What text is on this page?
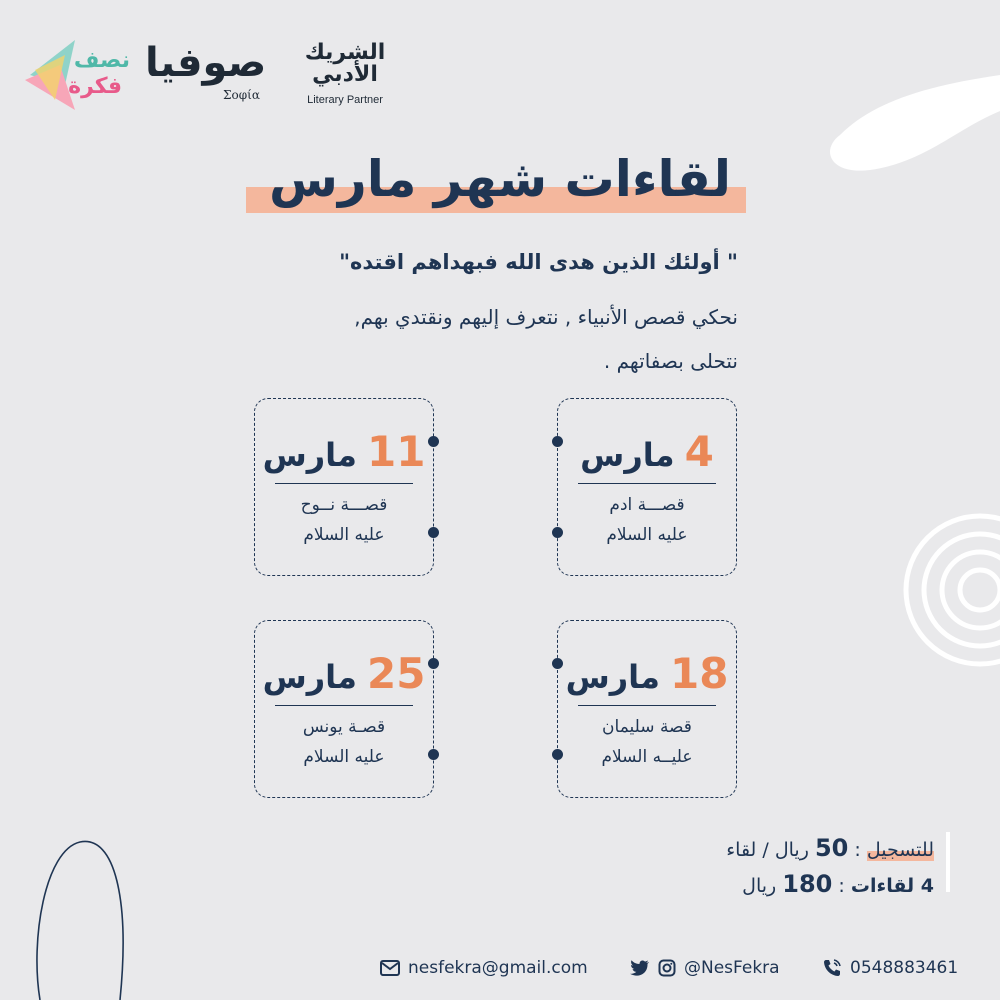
نصف
فكرة
صوفيا
Σοφία
الشريك
الأدبي
Literary Partner
لقاءات شهر مارس
" أولئك الذين هدى الله فبهداهم اقتده"
نحكي قصص الأنبياء , نتعرف إليهم ونقتدي بهم,
نتحلى بصفاتهم .
4مارس
قصـــة ادم
عليه السلام
11مارس
قصـــة نــوح
عليه السلام
18مارس
قصة سليمان
عليــه السلام
25مارس
قصـة يونس
عليه السلام
للتسجيل : 50 ريال / لقاء
4 لقاءات : 180 ريال
nesfekra@gmail.com	@NesFekra	0548883461
